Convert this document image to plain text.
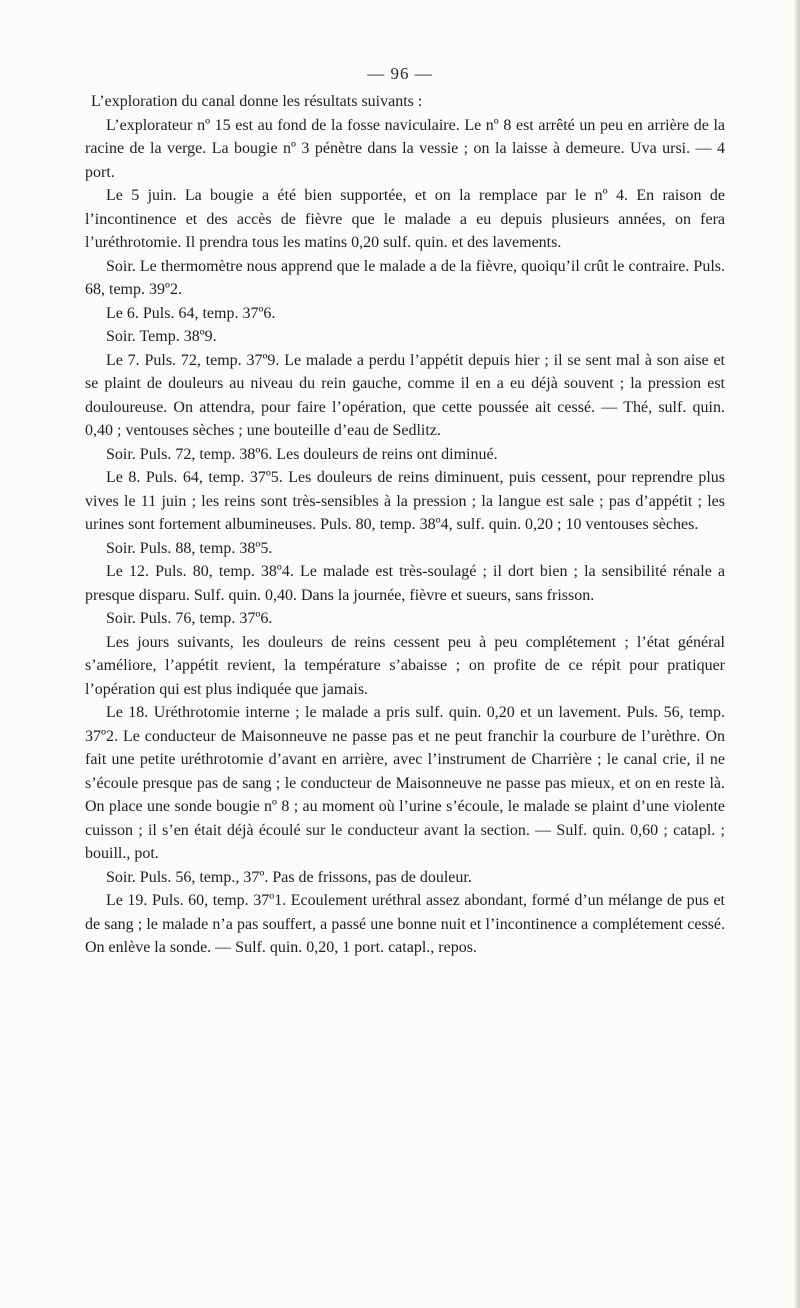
— 96 —

L’exploration du canal donne les résultats suivants :

L’explorateur nº 15 est au fond de la fosse naviculaire. Le nº 8 est arrêté un peu en arrière de la racine de la verge. La bougie nº 3 pénètre dans la vessie ; on la laisse à demeure. Uva ursi. — 4 port.

Le 5 juin. La bougie a été bien supportée, et on la remplace par le nº 4. En raison de l’incontinence et des accès de fièvre que le malade a eu depuis plusieurs années, on fera l’uréthrotomie. Il prendra tous les matins 0,20 sulf. quin. et des lavements.

Soir. Le thermomètre nous apprend que le malade a de la fièvre, quoiqu’il crût le contraire. Puls. 68, temp. 39º2.

Le 6. Puls. 64, temp. 37º6.

Soir. Temp. 38º9.

Le 7. Puls. 72, temp. 37º9. Le malade a perdu l’appétit depuis hier ; il se sent mal à son aise et se plaint de douleurs au niveau du rein gauche, comme il en a eu déjà souvent ; la pression est douloureuse. On attendra, pour faire l’opération, que cette poussée ait cessé. — Thé, sulf. quin. 0,40 ; ventouses sèches ; une bouteille d’eau de Sedlitz.

Soir. Puls. 72, temp. 38º6. Les douleurs de reins ont diminué.

Le 8. Puls. 64, temp. 37º5. Les douleurs de reins diminuent, puis cessent, pour reprendre plus vives le 11 juin ; les reins sont très-sensibles à la pression ; la langue est sale ; pas d’appétit ; les urines sont fortement albumineuses. Puls. 80, temp. 38º4, sulf. quin. 0,20 ; 10 ventouses sèches.

Soir. Puls. 88, temp. 38º5.

Le 12. Puls. 80, temp. 38º4. Le malade est très-soulagé ; il dort bien ; la sensibilité rénale a presque disparu. Sulf. quin. 0,40. Dans la journée, fièvre et sueurs, sans frisson.

Soir. Puls. 76, temp. 37º6.

Les jours suivants, les douleurs de reins cessent peu à peu complétement ; l’état général s’améliore, l’appétit revient, la température s’abaisse ; on profite de ce répit pour pratiquer l’opération qui est plus indiquée que jamais.

Le 18. Uréthrotomie interne ; le malade a pris sulf. quin. 0,20 et un lavement. Puls. 56, temp. 37º2. Le conducteur de Maisonneuve ne passe pas et ne peut franchir la courbure de l’urèthre. On fait une petite uréthrotomie d’avant en arrière, avec l’instrument de Charrière ; le canal crie, il ne s’écoule presque pas de sang ; le conducteur de Maisonneuve ne passe pas mieux, et on en reste là. On place une sonde bougie nº 8 ; au moment où l’urine s’écoule, le malade se plaint d’une violente cuisson ; il s’en était déjà écoulé sur le conducteur avant la section. — Sulf. quin. 0,60 ; catapl. ; bouill., pot.

Soir. Puls. 56, temp., 37º. Pas de frissons, pas de douleur.

Le 19. Puls. 60, temp. 37º1. Ecoulement uréthral assez abondant, formé d’un mélange de pus et de sang ; le malade n’a pas souffert, a passé une bonne nuit et l’incontinence a complétement cessé. On enlève la sonde. — Sulf. quin. 0,20, 1 port. catapl., repos.
